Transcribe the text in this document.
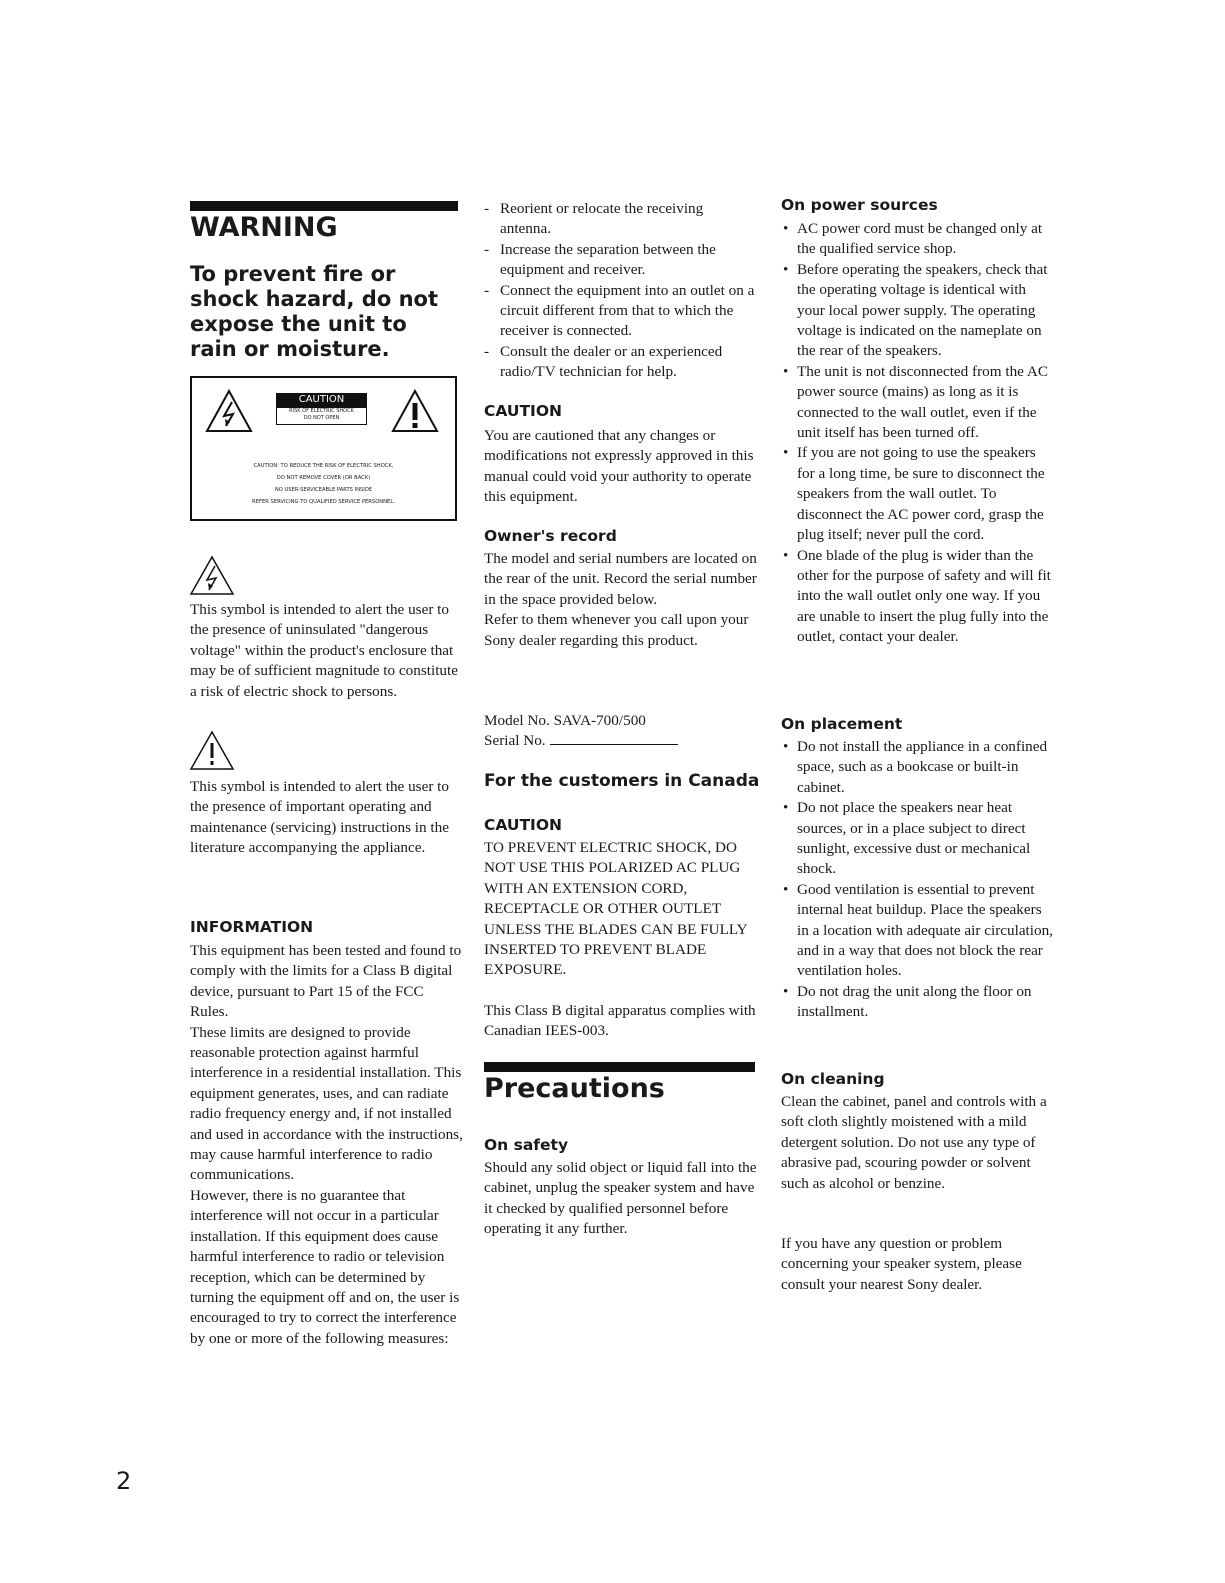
WARNING
To prevent fire or shock hazard, do not expose the unit to rain or moisture.
CAUTION
RISK OF ELECTRIC SHOCK
DO NOT OPEN
CAUTION: TO REDUCE THE RISK OF ELECTRIC SHOCK,
DO NOT REMOVE COVER (OR BACK)
NO USER-SERVICEABLE PARTS INSIDE
REFER SERVICING TO QUALIFIED SERVICE PERSONNEL.

This symbol is intended to alert the user to the presence of uninsulated "dangerous voltage" within the product's enclosure that may be of sufficient magnitude to constitute a risk of electric shock to persons.

This symbol is intended to alert the user to the presence of important operating and maintenance (servicing) instructions in the literature accompanying the appliance.

INFORMATION

This equipment has been tested and found to comply with the limits for a Class B digital device, pursuant to Part 15 of the FCC Rules.

These limits are designed to provide reasonable protection against harmful interference in a residential installation. This equipment generates, uses, and can radiate radio frequency energy and, if not installed and used in accordance with the instructions, may cause harmful interference to radio communications.

However, there is no guarantee that interference will not occur in a particular installation. If this equipment does cause harmful interference to radio or television reception, which can be determined by turning the equipment off and on, the user is encouraged to try to correct the interference by one or more of the following measures:

- Reorient or relocate the receiving antenna.
- Increase the separation between the equipment and receiver.
- Connect the equipment into an outlet on a circuit different from that to which the receiver is connected.
- Consult the dealer or an experienced radio/TV technician for help.
CAUTION

You are cautioned that any changes or modifications not expressly approved in this manual could void your authority to operate this equipment.

Owner's record

The model and serial numbers are located on the rear of the unit. Record the serial number in the space provided below.

Refer to them whenever you call upon your Sony dealer regarding this product.

Model No. SAVA-700/500

Serial No.

For the customers in Canada
CAUTION

TO PREVENT ELECTRIC SHOCK, DO NOT USE THIS POLARIZED AC PLUG WITH AN EXTENSION CORD, RECEPTACLE OR OTHER OUTLET UNLESS THE BLADES CAN BE FULLY INSERTED TO PREVENT BLADE EXPOSURE.

This Class B digital apparatus complies with Canadian IEES-003.

Precautions
On safety

Should any solid object or liquid fall into the cabinet, unplug the speaker system and have it checked by qualified personnel before operating it any further.

On power sources
• AC power cord must be changed only at the qualified service shop.
• Before operating the speakers, check that the operating voltage is identical with your local power supply. The operating voltage is indicated on the nameplate on the rear of the speakers.
• The unit is not disconnected from the AC power source (mains) as long as it is connected to the wall outlet, even if the unit itself has been turned off.
• If you are not going to use the speakers for a long time, be sure to disconnect the speakers from the wall outlet. To disconnect the AC power cord, grasp the plug itself; never pull the cord.
• One blade of the plug is wider than the other for the purpose of safety and will fit into the wall outlet only one way. If you are unable to insert the plug fully into the outlet, contact your dealer.
On placement
• Do not install the appliance in a confined space, such as a bookcase or built-in cabinet.
• Do not place the speakers near heat sources, or in a place subject to direct sunlight, excessive dust or mechanical shock.
• Good ventilation is essential to prevent internal heat buildup. Place the speakers in a location with adequate air circulation, and in a way that does not block the rear ventilation holes.
• Do not drag the unit along the floor on installment.
On cleaning

Clean the cabinet, panel and controls with a soft cloth slightly moistened with a mild detergent solution. Do not use any type of abrasive pad, scouring powder or solvent such as alcohol or benzine.

If you have any question or problem concerning your speaker system, please consult your nearest Sony dealer.

2
